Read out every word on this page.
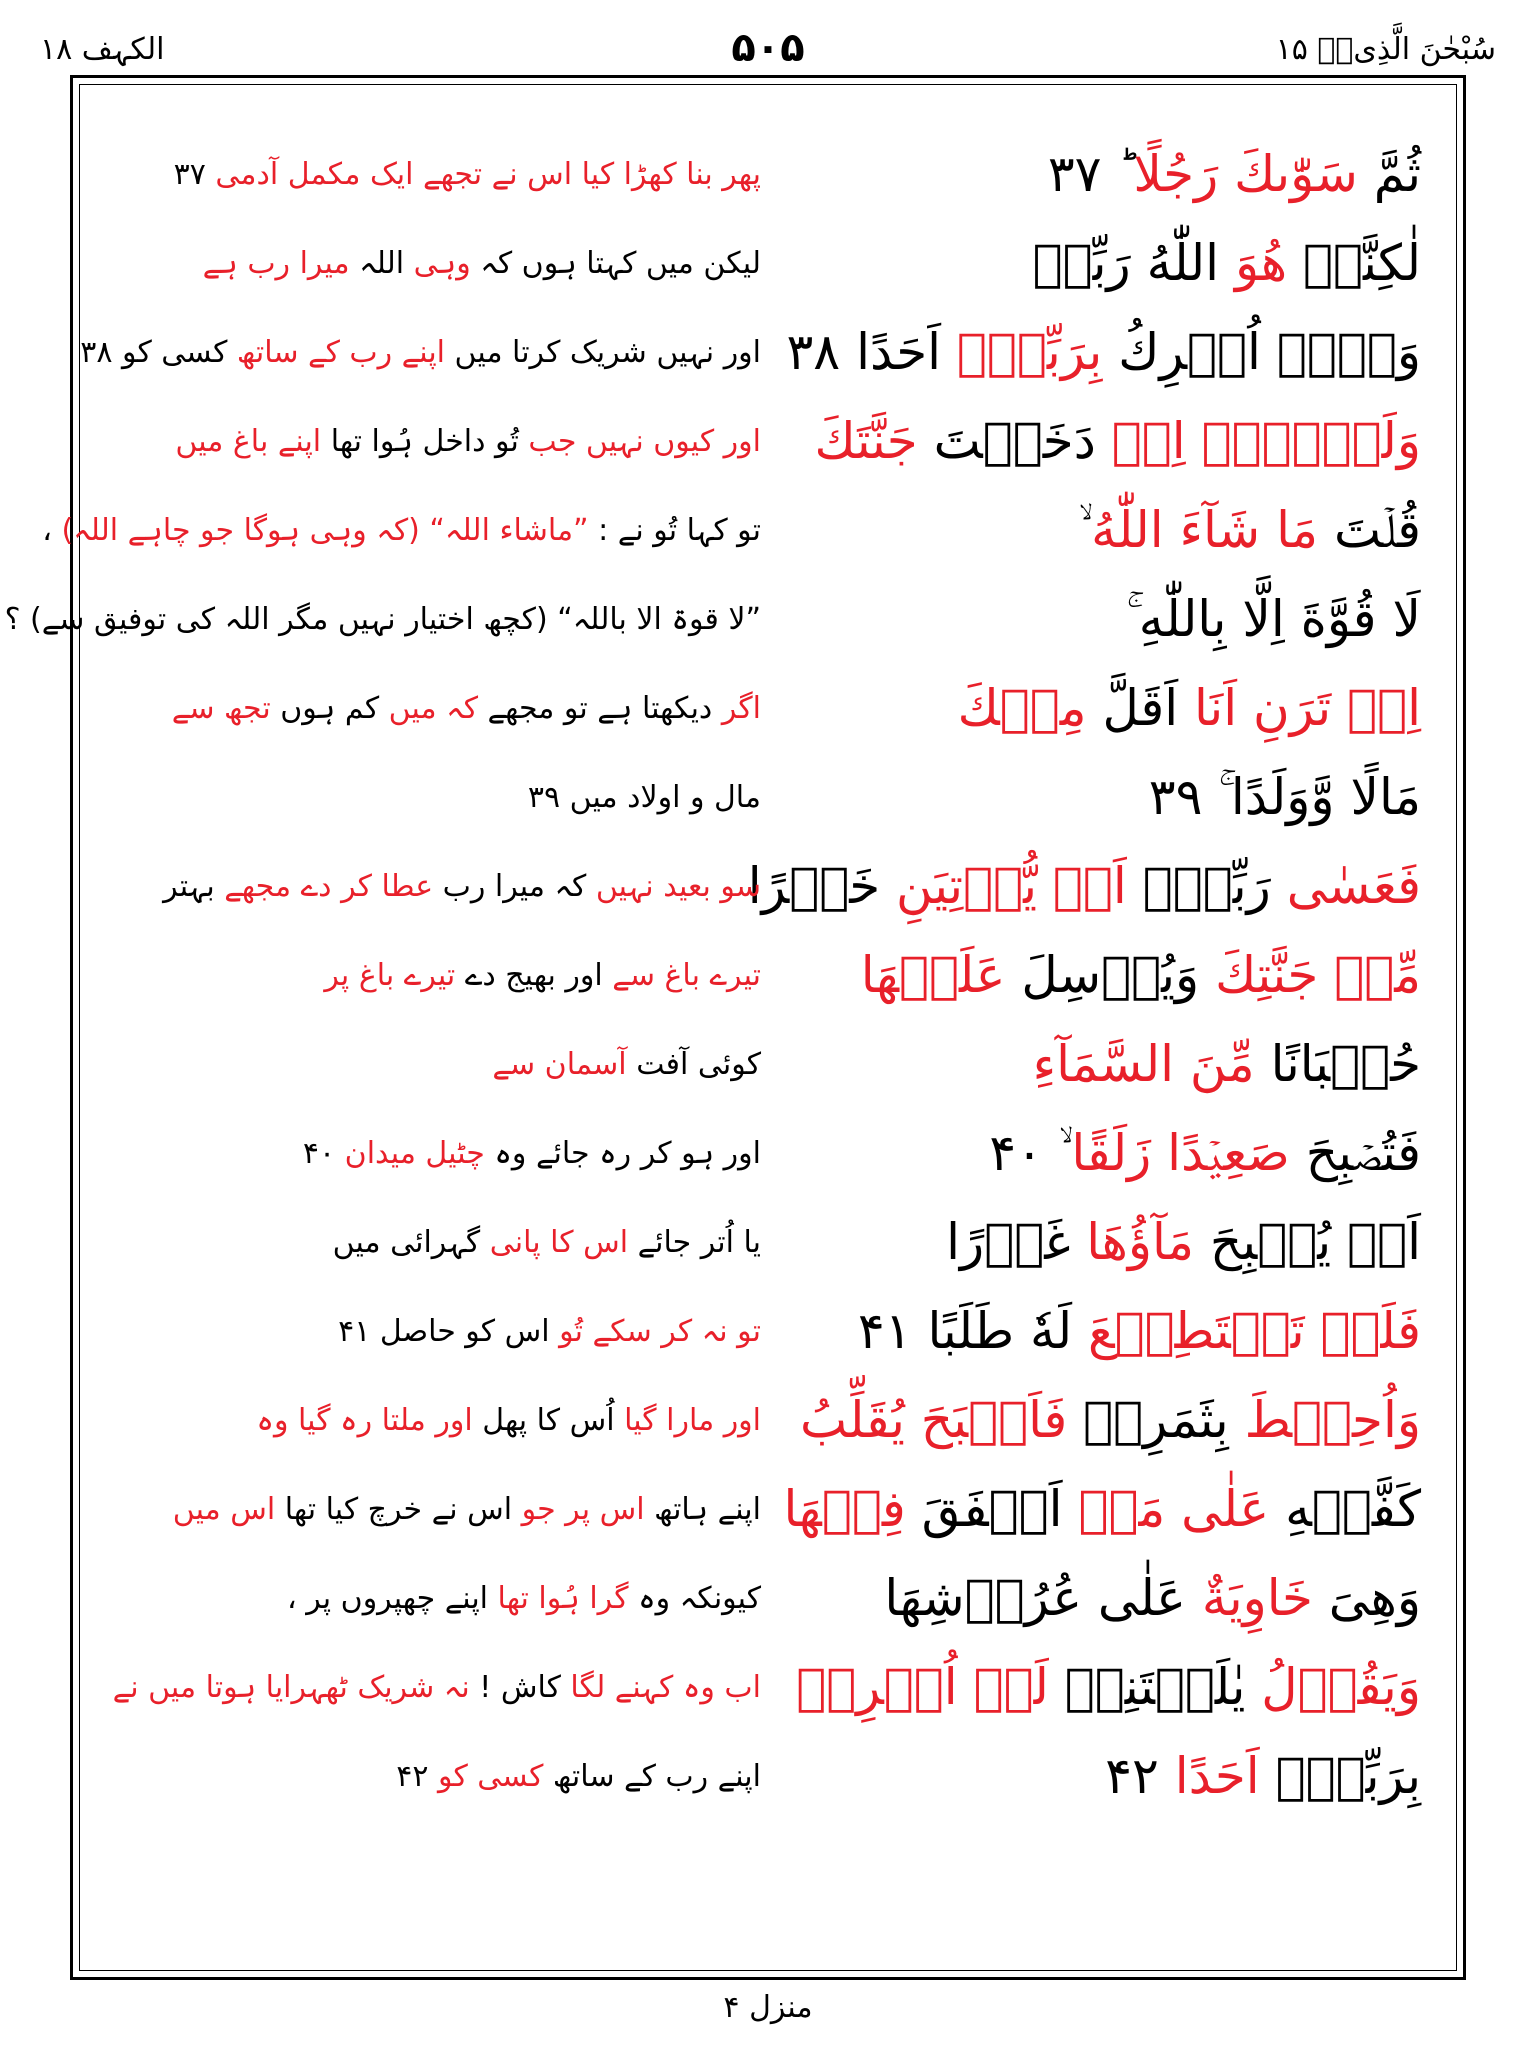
سُبْحٰنَ الَّذِیۡۤ ۱۵
۵۰۵
الکہف ۱۸
ثُمَّ سَوّٰىكَ رَجُلًا ؕ ۳۷
پھر بنا کھڑا کیا اس نے تجھے ایک مکمل آدمی ۳۷
لٰكِنَّا۠ هُوَ اللّٰهُ رَبِّىۡ
لیکن میں کہتا ہوں کہ وہی اللہ میرا رب ہے
وَلَاۤ اُشۡرِكُ بِرَبِّىۡۤ اَحَدًا ۳۸
اور نہیں شریک کرتا میں اپنے رب کے ساتھ کسی کو ۳۸
وَلَوۡلَاۤ اِذۡ دَخَلۡتَ جَنَّتَكَ
اور کیوں نہیں جب تُو داخل ہُوا تھا اپنے باغ میں
قُلۡتَ مَا شَآءَ اللّٰهُ ۙ
تو کہا تُو نے : ”ماشاء اللہ“ (کہ وہی ہوگا جو چاہے اللہ) ،
لَا قُوَّةَ اِلَّا بِاللّٰهِ ۚ
”لا قوۃ الا باللہ“ (کچھ اختیار نہیں مگر اللہ کی توفیق سے) ؟
اِنۡ تَرَنِ اَنَا اَقَلَّ مِنۡكَ
اگر دیکھتا ہے تو مجھے کہ میں کم ہوں تجھ سے
مَالًا وَّوَلَدًا ۚ ۳۹
مال و اولاد میں ۳۹
فَعَسٰى رَبِّىۡۤ اَنۡ يُّؤۡتِيَنِ خَيۡرًا
سو بعید نہیں کہ میرا رب عطا کر دے مجھے بہتر
مِّنۡ جَنَّتِكَ وَيُرۡسِلَ عَلَيۡهَا
تیرے باغ سے اور بھیج دے تیرے باغ پر
حُسۡبَانًا مِّنَ السَّمَآءِ
کوئی آفت آسمان سے
فَتُصۡبِحَ صَعِيۡدًا زَلَقًا ۙ ۴۰
اور ہو کر رہ جائے وہ چٹیل میدان ۴۰
اَوۡ يُصۡبِحَ مَآؤُهَا غَوۡرًا
یا اُتر جائے اس کا پانی گہرائی میں
فَلَنۡ تَسۡتَطِيۡعَ لَهٗ طَلَبًا ۴۱
تو نہ کر سکے تُو اس کو حاصل ۴۱
وَاُحِيۡطَ بِثَمَرِهٖ فَاَصۡبَحَ يُقَلِّبُ
اور مارا گیا اُس کا پھل اور ملتا رہ گیا وہ
كَفَّيۡهِ عَلٰى مَاۤ اَنۡفَقَ فِيۡهَا
اپنے ہاتھ اس پر جو اس نے خرچ کیا تھا اس میں
وَهِىَ خَاوِيَةٌ عَلٰى عُرُوۡشِهَا
کیونکہ وہ گرا ہُوا تھا اپنے چھپروں پر ،
وَيَقُوۡلُ يٰلَيۡتَنِىۡ لَمۡ اُشۡرِكۡ
اب وہ کہنے لگا کاش ! نہ شریک ٹھہرایا ہوتا میں نے
بِرَبِّىۡۤ اَحَدًا ۴۲
اپنے رب کے ساتھ کسی کو ۴۲
منزل ۴
